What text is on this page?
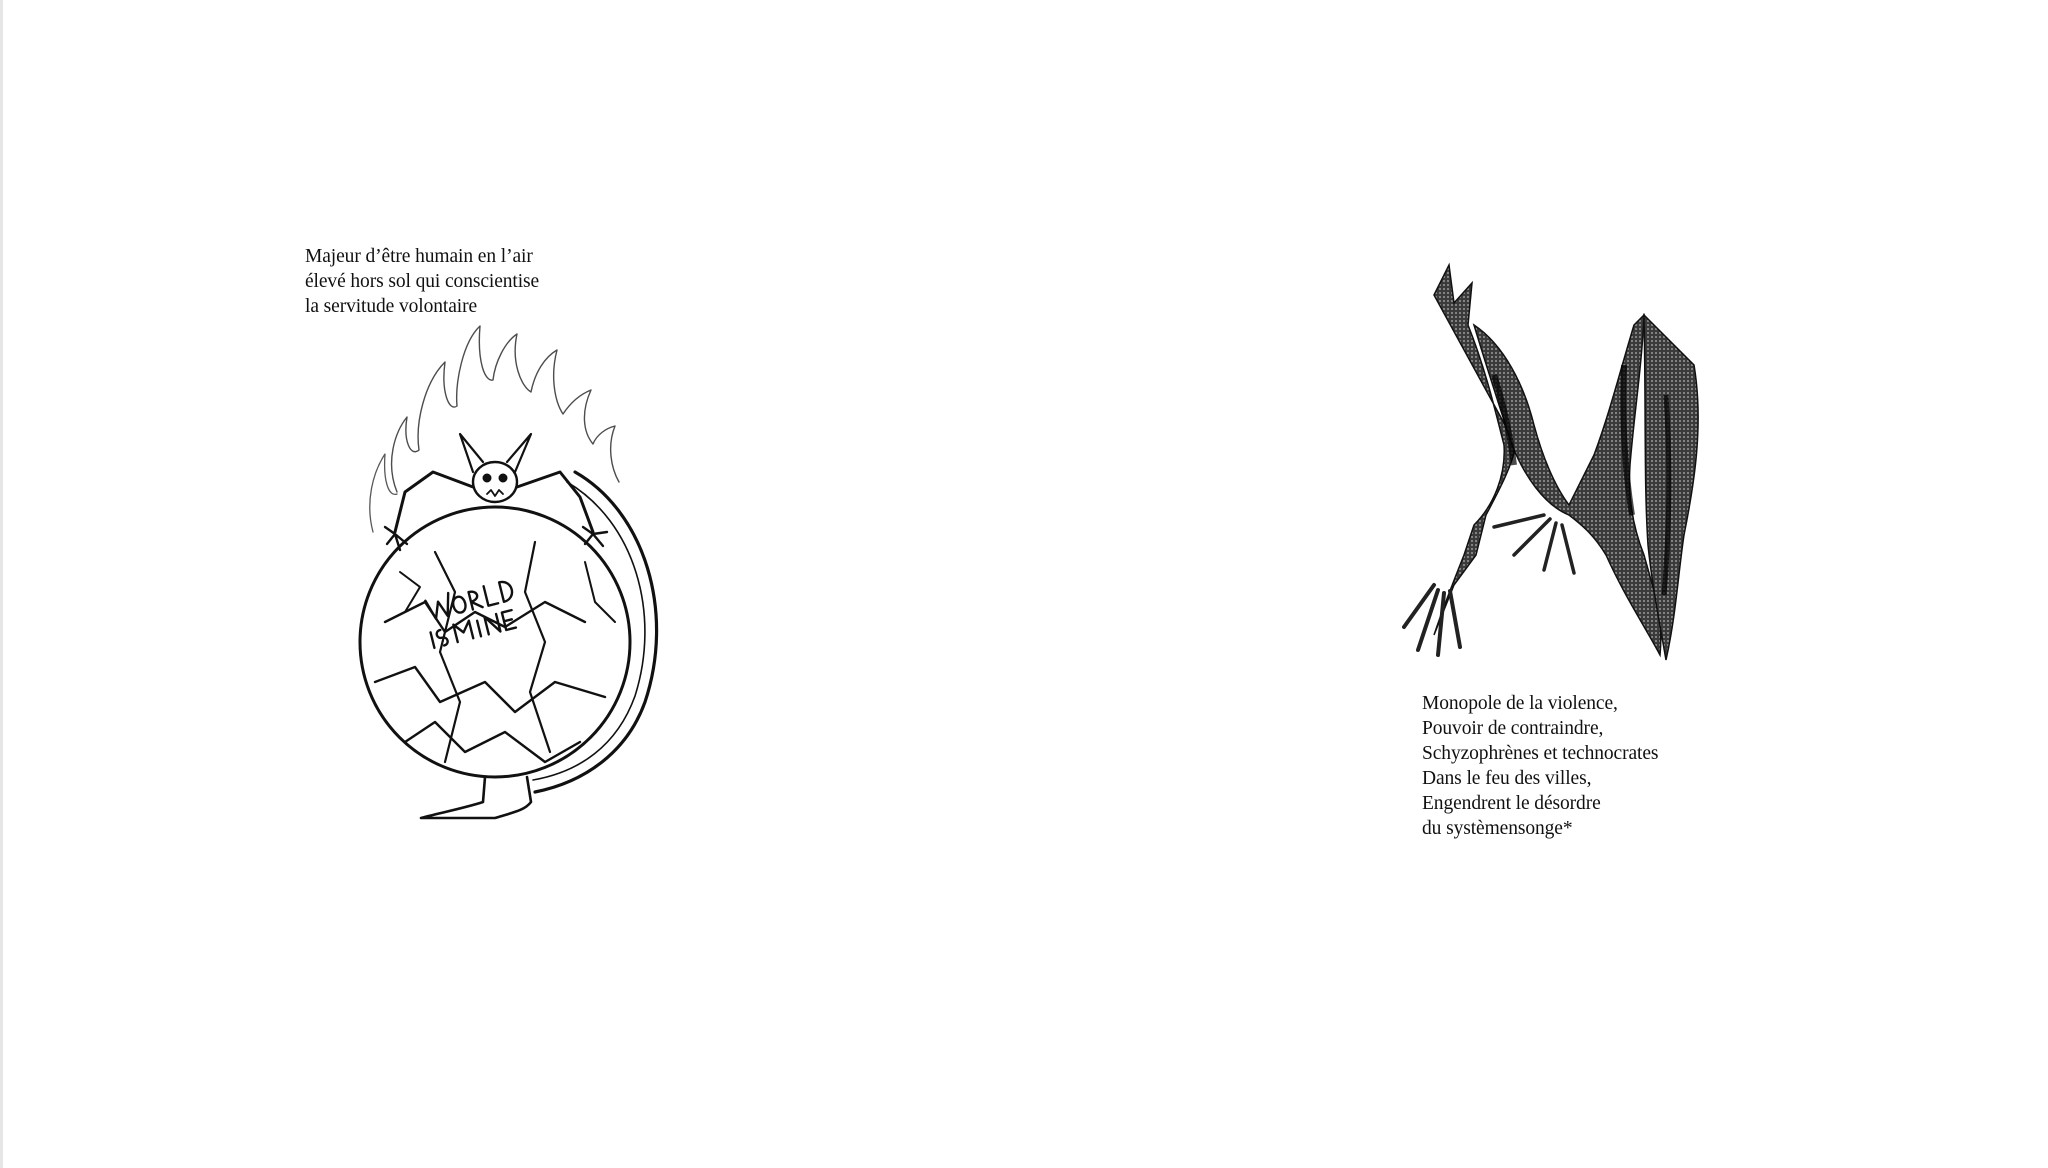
Majeur d’être humain en l’air
élevé hors sol qui conscientise
la servitude volontaire
Monopole de la violence,
Pouvoir de contraindre,
Schyzophrènes et technocrates
Dans le feu des villes,
Engendrent le désordre
du systèmensonge*
